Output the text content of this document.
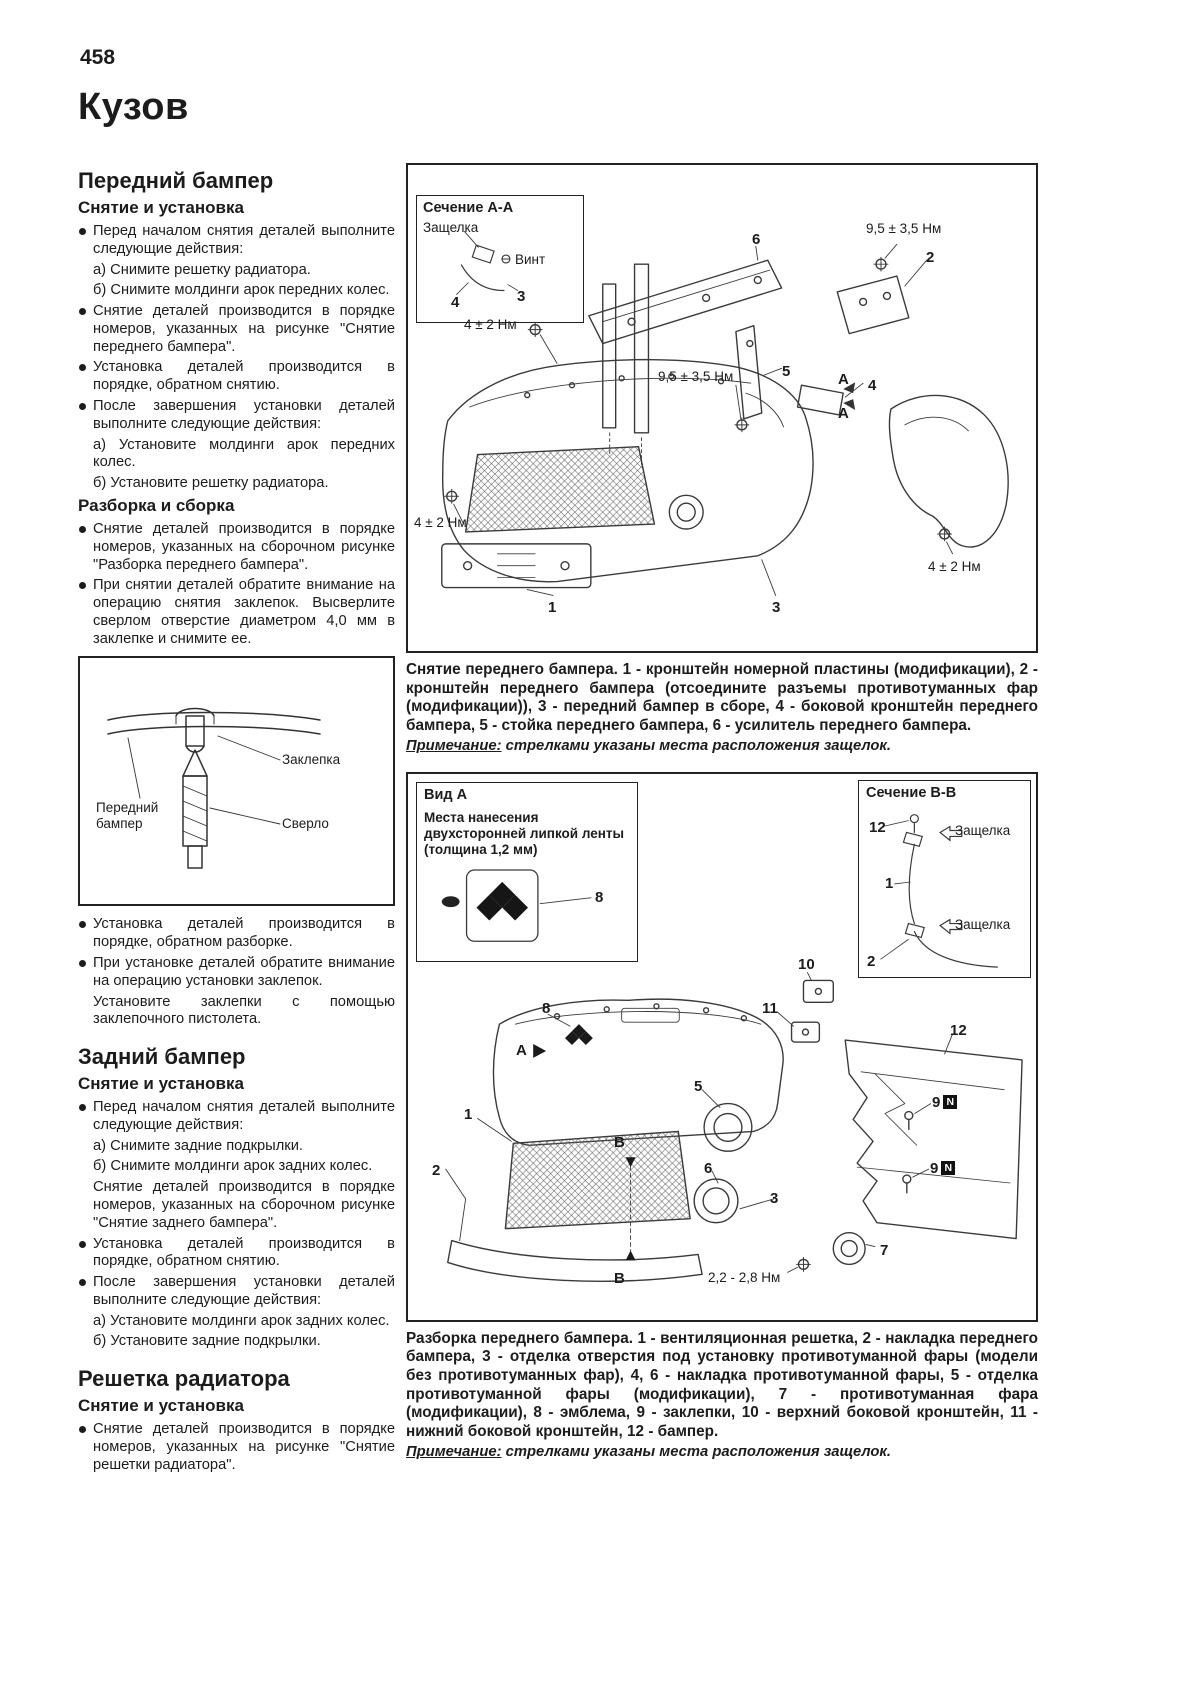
458
Кузов
Передний бампер
Снятие и установка

Перед началом снятия деталей выполните следующие действия:

а) Снимите решетку радиатора.

б) Снимите молдинги арок передних колес.

Снятие деталей производится в порядке номеров, указанных на рисунке "Снятие переднего бампера".

Установка деталей производится в порядке, обратном снятию.

После завершения установки деталей выполните следующие действия:

а) Установите молдинги арок передних колес.

б) Установите решетку радиатора.

Разборка и сборка

Снятие деталей производится в порядке номеров, указанных на сборочном рисунке "Разборка переднего бампера".

При снятии деталей обратите внимание на операцию снятия заклепок. Высверлите сверлом отверстие диаметром 4,0 мм в заклепке и снимите ее.

Передний бампер
Заклепка
Сверло

Установка деталей производится в порядке, обратном разборке.

При установке деталей обратите внимание на операцию установки заклепок.

Установите заклепки с помощью заклепочного пистолета.

Задний бампер
Снятие и установка

Перед началом снятия деталей выполните следующие действия:

а) Снимите задние подкрылки.

б) Снимите молдинги арок задних колес.

Снятие деталей производится в порядке номеров, указанных на сборочном рисунке "Снятие заднего бампера".

Установка деталей производится в порядке, обратном снятию.

После завершения установки деталей выполните следующие действия:

а) Установите молдинги арок задних колес.

б) Установите задние подкрылки.

Решетка радиатора
Снятие и установка

Снятие деталей производится в порядке номеров, указанных на рисунке "Снятие решетки радиатора".

Сечение А-А
Защелка
Винт
4	3
9,5 ± 3,5 Нм
6
2
4 ± 2 Нм
9,5 ± 3,5 Нм	5	А 4
А
4 ± 2 Нм
1	3
4 ± 2 Нм

Снятие переднего бампера. 1 - кронштейн номерной пластины (модификации), 2 - кронштейн переднего бампера (отсоедините разъемы противотуманных фар (модификации)), 3 - передний бампер в сборе, 4 - боковой кронштейн переднего бампера, 5 - стойка переднего бампера, 6 - усилитель переднего бампера.

Примечание: стрелками указаны места расположения защелок.

Вид А
Места нанесения двухсторонней липкой ленты (толщина 1,2 мм)
8
Сечение В-В
12	Защелка
1
Защелка
2
10
11
12
8
А
5
1
9 N
В
6
2	9 N
3
7
2,2 - 2,8 Нм
В

Разборка переднего бампера. 1 - вентиляционная решетка, 2 - накладка переднего бампера, 3 - отделка отверстия под установку противотуманной фары (модели без противотуманных фар), 4, 6 - накладка противотуманной фары, 5 - отделка противотуманной фары (модификации), 7 - противотуманная фара (модификации), 8 - эмблема, 9 - заклепки, 10 - верхний боковой кронштейн, 11 - нижний боковой кронштейн, 12 - бампер.

Примечание: стрелками указаны места расположения защелок.
